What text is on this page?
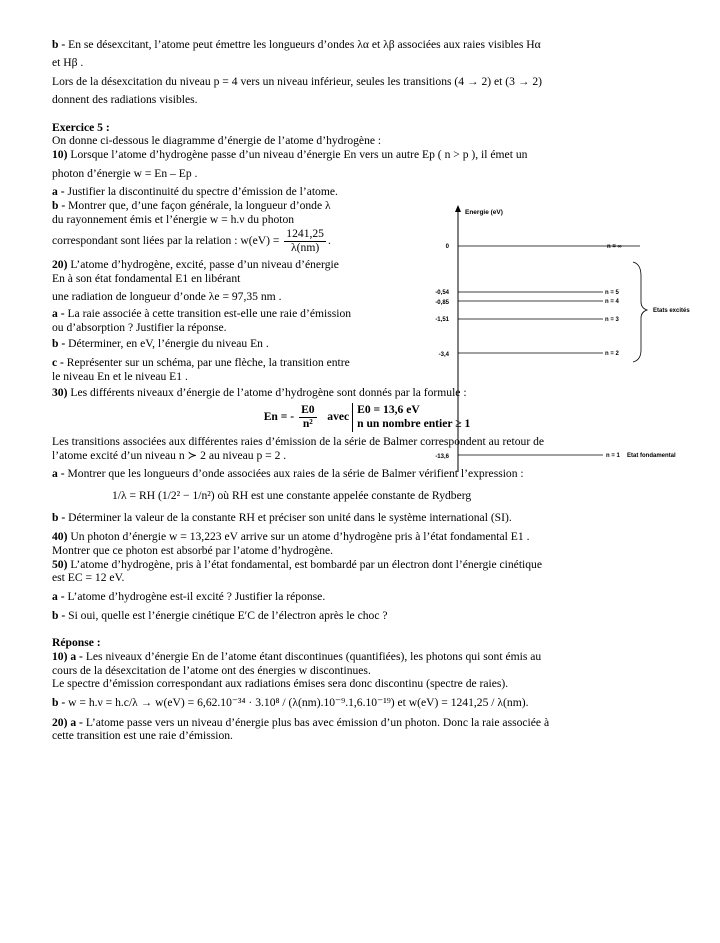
b - En se désexcitant, l’atome peut émettre les longueurs d’ondes λα et λβ associées aux raies visibles Hα

et Hβ .

Lors de la désexcitation du niveau p = 4 vers un niveau inférieur, seules les transitions (4 → 2) et (3 → 2)

donnent des radiations visibles.

Exercice 5 :

On donne ci-dessous le diagramme d’énergie de l’atome d’hydrogène :

10) Lorsque l’atome d’hydrogène passe d’un niveau d’énergie En vers un autre Ep ( n > p ), il émet un

photon d’énergie w = En – Ep .

a - Justifier la discontinuité du spectre d’émission de l’atome.

b - Montrer que, d’une façon générale, la longueur d’onde λ

du rayonnement émis et l’énergie w = h.ν du photon

correspondant sont liées par la relation : $w(eV) = \frac{1241,25}{\lambda(nm)}$ .

20) L’atome d’hydrogène, excité, passe d’un niveau d’énergie

En à son état fondamental E1 en libérant

une radiation de longueur d’onde λe = 97,35 nm .

a - La raie associée à cette transition est-elle une raie d’émission

ou d’absorption ? Justifier la réponse.

b - Déterminer, en eV, l’énergie du niveau En .

c - Représenter sur un schéma, par une flèche, la transition entre

le niveau En et le niveau E1 .

30) Les différents niveaux d’énergie de l’atome d’hydrogène sont donnés par la formule :

En = - $\frac{E0}{\text{n²}}$ avec E0 = 13,6 eV
n un nombre entier ≥ 1

Les transitions associées aux différentes raies d’émission de la série de Balmer correspondent au retour de

l’atome excité d’un niveau n ≻ 2 au niveau p = 2 .

a - Montrer que les longueurs d’onde associées aux raies de la série de Balmer vérifient l’expression :

1/λ = RH (1/2² − 1/n²) où RH est une constante appelée constante de Rydberg

b - Déterminer la valeur de la constante RH et préciser son unité dans le système international (SI).

40) Un photon d’énergie w = 13,223 eV arrive sur un atome d’hydrogène pris à l’état fondamental E1 .

Montrer que ce photon est absorbé par l’atome d’hydrogène.

50) L’atome d’hydrogène, pris à l’état fondamental, est bombardé par un électron dont l’énergie cinétique

est EC = 12 eV.

a - L’atome d’hydrogène est-il excité ? Justifier la réponse.

b - Si oui, quelle est l’énergie cinétique E′C de l’électron après le choc ?

Réponse :

10) a - Les niveaux d’énergie En de l’atome étant discontinues (quantifiées), les photons qui sont émis au

cours de la désexcitation de l’atome ont des énergies w discontinues.

Le spectre d’émission correspondant aux radiations émises sera donc discontinu (spectre de raies).

b - w = h.ν = h.c/λ → w(eV) = 6,62.10⁻³⁴ · 3.10⁸ / (λ(nm).10⁻⁹.1,6.10⁻¹⁹) et w(eV) = 1241,25 / λ(nm).

20) a - L’atome passe vers un niveau d’énergie plus bas avec émission d’un photon. Donc la raie associée à

cette transition est une raie d’émission.

Energie (eV)
0	n = ∞
-0,54	n = 5
-0,85	n = 4
-1,51	n = 3
-3,4	n = 2
-13,6	n = 1 Etat fondamental
Etats excités
